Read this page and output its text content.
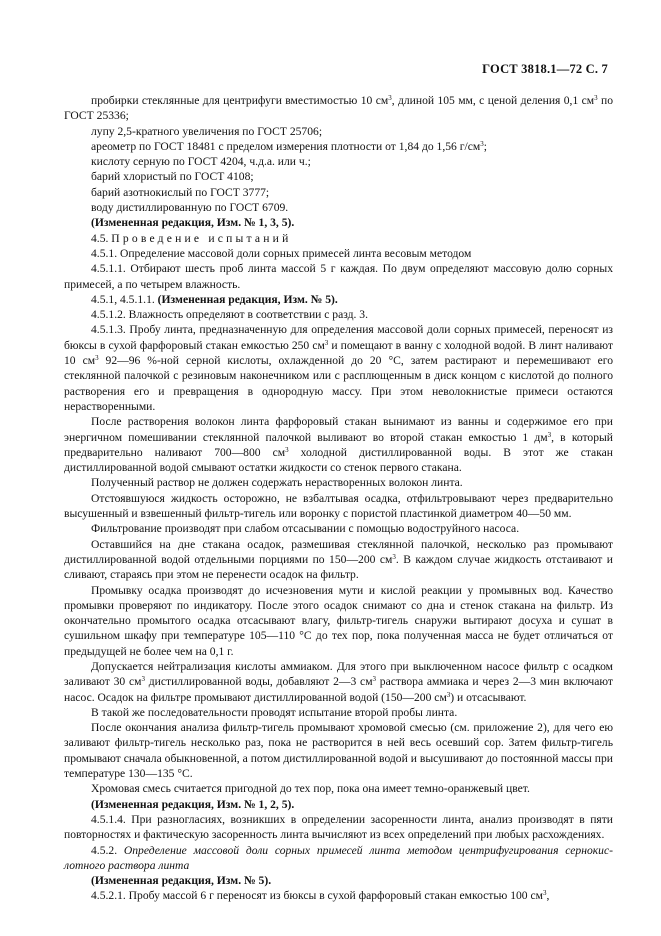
ГОСТ 3818.1—72 С. 7

пробирки стеклянные для центрифуги вместимостью 10 $см^3$, длиной 105 мм, с ценой деления 0,1 $см^3$ по ГОСТ 25336;

лупу 2,5-кратного увеличения по ГОСТ 25706;

ареометр по ГОСТ 18481 с пределом измерения плотности от 1,84 до 1,56 $г/см^3$;

кислоту серную по ГОСТ 4204, ч.д.а. или ч.;

барий хлористый по ГОСТ 4108;

барий азотнокислый по ГОСТ 3777;

воду дистиллированную по ГОСТ 6709.

(Измененная редакция, Изм. № 1, 3, 5).

4.5. Проведение испытаний

4.5.1. Определение массовой доли сорных примесей линта весовым методом

4.5.1.1. Отбирают шесть проб линта массой 5 г каждая. По двум определяют массовую долю сорных примесей, а по четырем влажность.

4.5.1, 4.5.1.1. (Измененная редакция, Изм. № 5).

4.5.1.2. Влажность определяют в соответствии с разд. 3.

4.5.1.3. Пробу линта, предназначенную для определения массовой доли сорных примесей, переносят из бюксы в сухой фарфоровый стакан емкостью 250 $см^3$ и помещают в ванну с холодной водой. В линт наливают 10 $см^3$ 92—96 %-ной серной кислоты, охлажденной до 20 °С, затем растирают и перемешивают его стеклянной палочкой с резиновым наконечником или с расплющенным в диск концом с кислотой до полного растворения его и превращения в однородную массу. При этом неволокнистые примеси остаются нерастворенными.

После растворения волокон линта фарфоровый стакан вынимают из ванны и содержимое его при энергичном помешивании стеклянной палочкой выливают во второй стакан емкостью 1 $дм^3$, в который предварительно наливают 700—800 $см^3$ холодной дистиллированной воды. В этот же стакан дистиллированной водой смывают остатки жидкости со стенок первого стакана.

Полученный раствор не должен содержать нерастворенных волокон линта.

Отстоявшуюся жидкость осторожно, не взбалтывая осадка, отфильтровывают через предварительно высушенный и взвешенный фильтр-тигель или воронку с пористой пластинкой диаметром 40—50 мм.

Фильтрование производят при слабом отсасывании с помощью водоструйного насоса.

Оставшийся на дне стакана осадок, размешивая стеклянной палочкой, несколько раз промывают дистиллированной водой отдельными порциями по 150—200 $см^3$. В каждом случае жидкость отстаивают и сливают, стараясь при этом не перенести осадок на фильтр.

Промывку осадка производят до исчезновения мути и кислой реакции у промывных вод. Качество промывки проверяют по индикатору. После этого осадок снимают со дна и стенок стакана на фильтр. Из окончательно промытого осадка отсасывают влагу, фильтр-тигель снаружи вытирают досуха и сушат в сушильном шкафу при температуре 105—110 °С до тех пор, пока полученная масса не будет отличаться от предыдущей не более чем на 0,1 г.

Допускается нейтрализация кислоты аммиаком. Для этого при выключенном насосе фильтр с осадком заливают 30 $см^3$ дистиллированной воды, добавляют 2—3 $см^3$ раствора аммиака и через 2—3 мин включают насос. Осадок на фильтре промывают дистиллированной водой (150—200 $см^3$) и отсасывают.

В такой же последовательности проводят испытание второй пробы линта.

После окончания анализа фильтр-тигель промывают хромовой смесью (см. приложение 2), для чего ею заливают фильтр-тигель несколько раз, пока не растворится в ней весь осевший сор. Затем фильтр-тигель промывают сначала обыкновенной, а потом дистиллированной водой и высушивают до постоянной массы при температуре 130—135 °С.

Хромовая смесь считается пригодной до тех пор, пока она имеет темно-оранжевый цвет.

(Измененная редакция, Изм. № 1, 2, 5).

4.5.1.4. При разногласиях, возникших в определении засоренности линта, анализ производят в пяти повторностях и фактическую засоренность линта вычисляют из всех определений при любых расхождениях.

4.5.2. Определение массовой доли сорных примесей линта методом центрифугирования сернокислотного раствора линта

(Измененная редакция, Изм. № 5).

4.5.2.1. Пробу массой 6 г переносят из бюксы в сухой фарфоровый стакан емкостью 100 $см^3$,
